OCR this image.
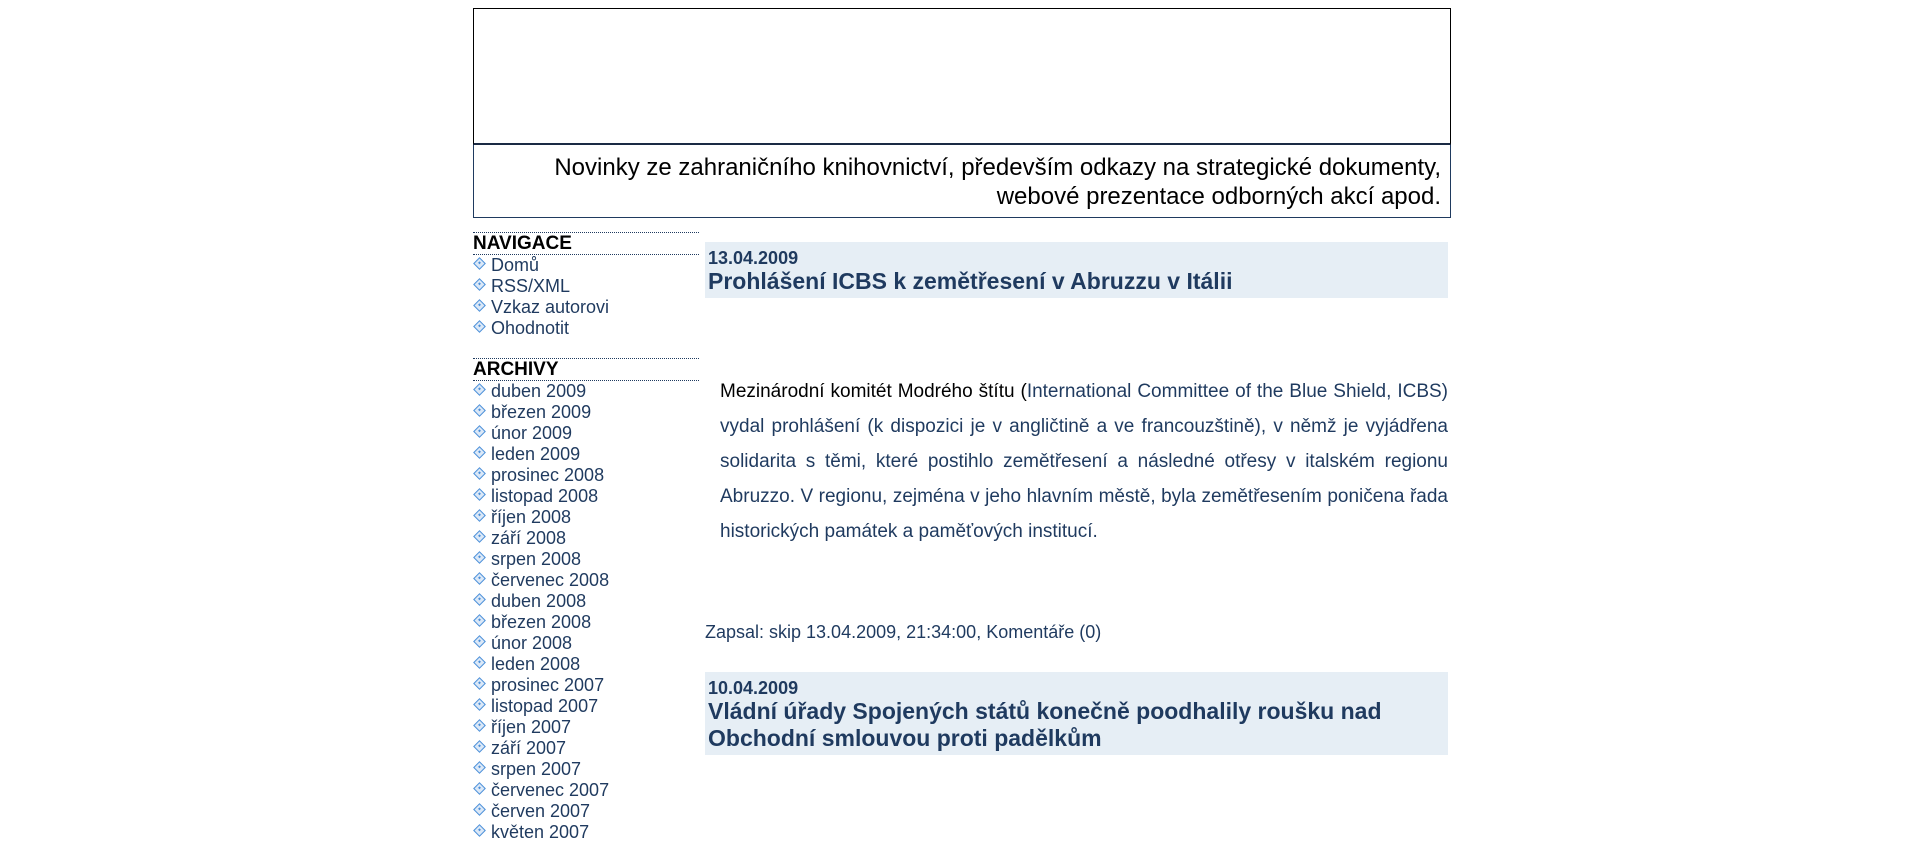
Novinky ze zahraničního knihovnictví, především odkazy na strategické dokumenty,
webové prezentace odborných akcí apod.
NAVIGACE
Domů
RSS/XML
Vzkaz autorovi
Ohodnotit
ARCHIVY
duben 2009
březen 2009
únor 2009
leden 2009
prosinec 2008
listopad 2008
říjen 2008
září 2008
srpen 2008
červenec 2008
duben 2008
březen 2008
únor 2008
leden 2008
prosinec 2007
listopad 2007
říjen 2007
září 2007
srpen 2007
červenec 2007
červen 2007
květen 2007
13.04.2009
Prohlášení ICBS k zemětřesení v Abruzzu v Itálii
Mezinárodní komitét Modrého štítu (International Committee of the Blue Shield, ICBS) vydal prohlášení (k dispozici je v angličtině a ve francouzštině), v němž je vyjádřena solidarita s těmi, které postihlo zemětřesení a následné otřesy v italském regionu Abruzzo. V regionu, zejména v jeho hlavním městě, byla zemětřesením poničena řada historických památek a paměťových institucí.
Zapsal: skip 13.04.2009, 21:34:00, Komentáře (0)
10.04.2009
Vládní úřady Spojených států konečně poodhalily roušku nad Obchodní smlouvou proti padělkům
